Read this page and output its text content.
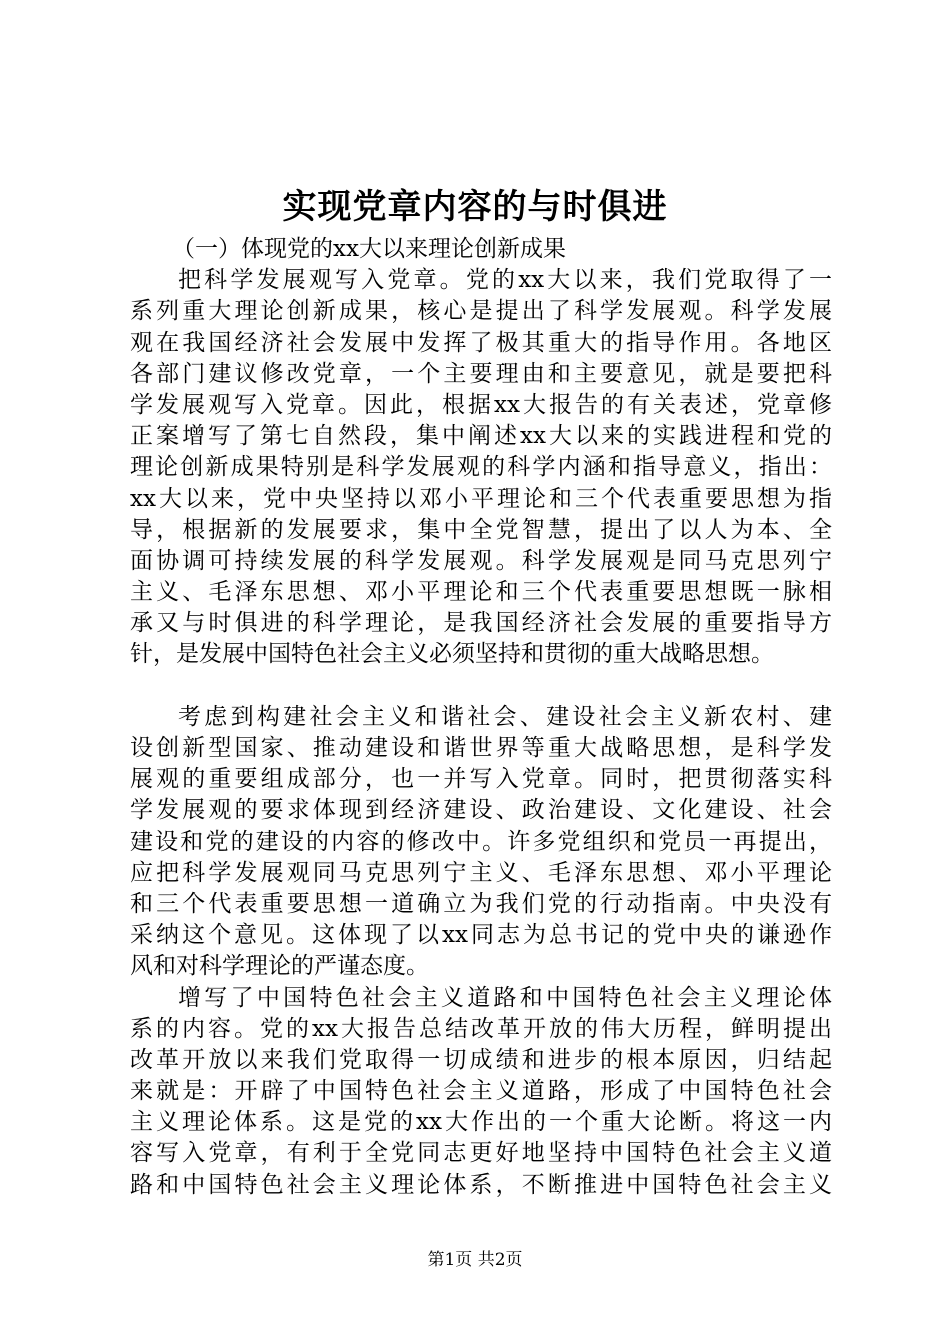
实现党章内容的与时俱进
（一）体现党的xx大以来理论创新成果
把科学发展观写入党章。党的xx大以来，我们党取得了一
系列重大理论创新成果，核心是提出了科学发展观。科学发展
观在我国经济社会发展中发挥了极其重大的指导作用。各地区
各部门建议修改党章，一个主要理由和主要意见，就是要把科
学发展观写入党章。因此，根据xx大报告的有关表述，党章修
正案增写了第七自然段，集中阐述xx大以来的实践进程和党的
理论创新成果特别是科学发展观的科学内涵和指导意义，指出：
xx大以来，党中央坚持以邓小平理论和三个代表重要思想为指
导，根据新的发展要求，集中全党智慧，提出了以人为本、全
面协调可持续发展的科学发展观。科学发展观是同马克思列宁
主义、毛泽东思想、邓小平理论和三个代表重要思想既一脉相
承又与时俱进的科学理论，是我国经济社会发展的重要指导方
针，是发展中国特色社会主义必须坚持和贯彻的重大战略思想。
考虑到构建社会主义和谐社会、建设社会主义新农村、建
设创新型国家、推动建设和谐世界等重大战略思想，是科学发
展观的重要组成部分，也一并写入党章。同时，把贯彻落实科
学发展观的要求体现到经济建设、政治建设、文化建设、社会
建设和党的建设的内容的修改中。许多党组织和党员一再提出，
应把科学发展观同马克思列宁主义、毛泽东思想、邓小平理论
和三个代表重要思想一道确立为我们党的行动指南。中央没有
采纳这个意见。这体现了以xx同志为总书记的党中央的谦逊作
风和对科学理论的严谨态度。
增写了中国特色社会主义道路和中国特色社会主义理论体
系的内容。党的xx大报告总结改革开放的伟大历程，鲜明提出
改革开放以来我们党取得一切成绩和进步的根本原因，归结起
来就是：开辟了中国特色社会主义道路，形成了中国特色社会
主义理论体系。这是党的xx大作出的一个重大论断。将这一内
容写入党章，有利于全党同志更好地坚持中国特色社会主义道
路和中国特色社会主义理论体系，不断推进中国特色社会主义
第1页 共2页
